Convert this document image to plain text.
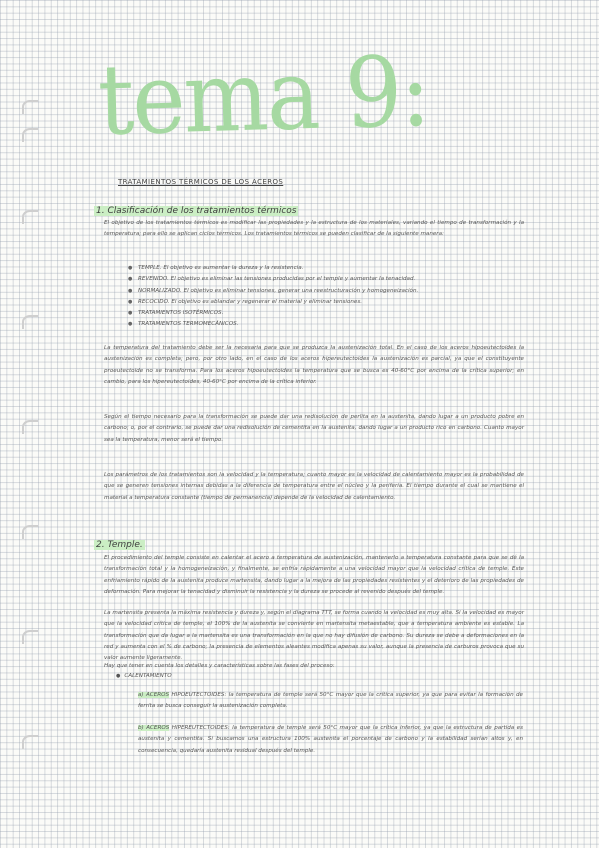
tema 9:
TRATAMIENTOS TÉRMICOS DE LOS ACEROS
1. Clasificación de los tratamientos térmicos

El objetivo de los tratamientos térmicos es modificar las propiedades y la estructura de los materiales, variando el tiempo de transformación y la temperatura; para ello se aplican ciclos térmicos. Los tratamientos térmicos se pueden clasificar de la siguiente manera:

● TEMPLE. El objetivo es aumentar la dureza y la resistencia.
● REVENIDO. El objetivo es eliminar las tensiones producidas por el temple y aumentar la tenacidad.
● NORMALIZADO. El objetivo es eliminar tensiones, generar una reestructuración y homogeneización.
● RECOCIDO. El objetivo es ablandar y regenerar el material y eliminar tensiones.
● TRATAMIENTOS ISOTÉRMICOS.
● TRATAMIENTOS TERMOMECÁNICOS.

La temperatura del tratamiento debe ser la necesaria para que se produzca la austenización total. En el caso de los aceros hipoeutectoides la austenización es completa; pero, por otro lado, en el caso de los aceros hipereutectoides la austenización es parcial, ya que el constituyente proeutectoide no se transforma. Para los aceros hipoeutectoides la temperatura que se busca es 40-60°C por encima de la crítica superior; en cambio, para los hipereutectoides, 40-60°C por encima de la crítica inferior.

Según el tiempo necesario para la transformación se puede dar una redisolución de perlita en la austenita, dando lugar a un producto pobre en carbono; o, por el contrario, se puede dar una redisolución de cementita en la austenita, dando lugar a un producto rico en carbono. Cuanto mayor sea la temperatura, menor será el tiempo.

Los parámetros de los tratamientos son la velocidad y la temperatura; cuanto mayor es la velocidad de calentamiento mayor es la probabilidad de que se generen tensiones internas debidas a la diferencia de temperatura entre el núcleo y la periferia. El tiempo durante el cual se mantiene el material a temperatura constante (tiempo de permanencia) depende de la velocidad de calentamiento.

2. Temple.

El procedimiento del temple consiste en calentar el acero a temperatura de austenización, mantenerlo a temperatura constante para que se dé la transformación total y la homogeneización, y finalmente, se enfría rápidamente a una velocidad mayor que la velocidad crítica de temple. Este enfriamiento rápido de la austenita produce martensita, dando lugar a la mejora de las propiedades resistentes y el deterioro de las propiedades de deformación. Para mejorar la tenacidad y disminuir la resistencia y la dureza se procede al revenido después del temple.

La martensita presenta la máxima resistencia y dureza y, según el diagrama TTT, se forma cuando la velocidad es muy alta. Si la velocidad es mayor que la velocidad crítica de temple, el 100% de la austenita se convierte en martensita metaestable, que a temperatura ambiente es estable. La transformación que da lugar a la martensita es una transformación en la que no hay difusión de carbono. Su dureza se debe a deformaciones en la red y aumenta con el % de carbono; la presencia de elementos aleantes modifica apenas su valor, aunque la presencia de carburos provoca que su valor aumente ligeramente.

Hay que tener en cuenta los detalles y características sobre las fases del proceso:

● CALENTAMIENTO
a) ACEROS HIPOEUTECTOIDES: la temperatura de temple será 50°C mayor que la crítica superior, ya que para evitar la formación de ferrita se busca conseguir la austenización completa.
b) ACEROS HIPEREUTECTOIDES: la temperatura de temple será 50°C mayor que la crítica inferior, ya que la estructura de partida es austenita y cementita. Si buscamos una estructura 100% austenita el porcentaje de carbono y la estabilidad serían altos y, en consecuencia, quedaría austenita residual después del temple.
